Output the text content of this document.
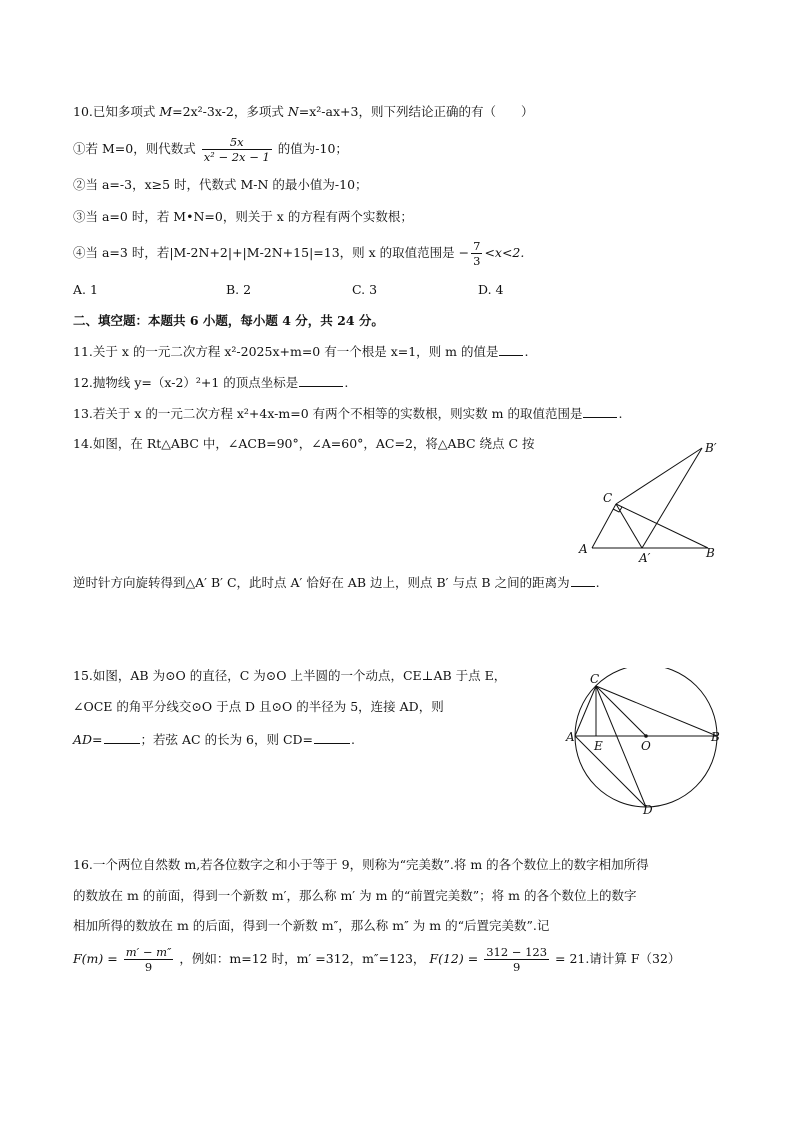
10.已知多项式 M=2x²-3x-2，多项式 N=x²-ax+3，则下列结论正确的有（　　）
①若 M=0，则代数式 $\frac{5x}{\text{x² − 2x − 1}}$ 的值为-10；
②当 a=-3，x≥5 时，代数式 M-N 的最小值为-10；
③当 a=0 时，若 M•N=0，则关于 x 的方程有两个实数根；
④当 a=3 时，若|M-2N+2|+|M-2N+15|=13，则 x 的取值范围是 − $\frac{7}{3} <x<2$.
A. 1	B. 2	C. 3	D. 4
二、填空题：本题共 6 小题，每小题 4 分，共 24 分。
11.关于 x 的一元二次方程 x²-2025x+m=0 有一个根是 x=1，则 m 的值是 .
12.抛物线 y=（x-2）²+1 的顶点坐标是	.
13.若关于 x 的一元二次方程 x²+4x-m=0 有两个不相等的实数根，则实数 m 的取值范围是	.
14.如图，在 Rt△ABC 中，∠ACB=90°，∠A=60°，AC=2，将△ABC 绕点 C 按
逆时针方向旋转得到△A′ B′ C，此时点 A′ 恰好在 AB 边上，则点 B′ 与点 B 之间的距离为 .
A	B
C
A′
B′
15.如图，AB 为⊙O 的直径，C 为⊙O 上半圆的一个动点，CE⊥AB 于点 E，
∠OCE 的角平分线交⊙O 于点 D 且⊙O 的半径为 5，连接 AD，则
AD=	；若弦 AC 的长为 6，则 CD=	.	A	B
C
D
E	O
16.一个两位自然数 m,若各位数字之和小于等于 9，则称为“完美数”.将 m 的各个数位上的数字相加所得
的数放在 m 的前面，得到一个新数 m′，那么称 m′ 为 m 的“前置完美数”；将 m 的各个数位上的数字
相加所得的数放在 m 的后面，得到一个新数 m″，那么称 m″ 为 m 的“后置完美数”.记
$F(m) = \frac{m' - m''}{9}$ ，例如：m=12 时，m′ =312，m″=123， $F(12) = \frac{312 - 123}{9} = 21$.请计算 F（32）
